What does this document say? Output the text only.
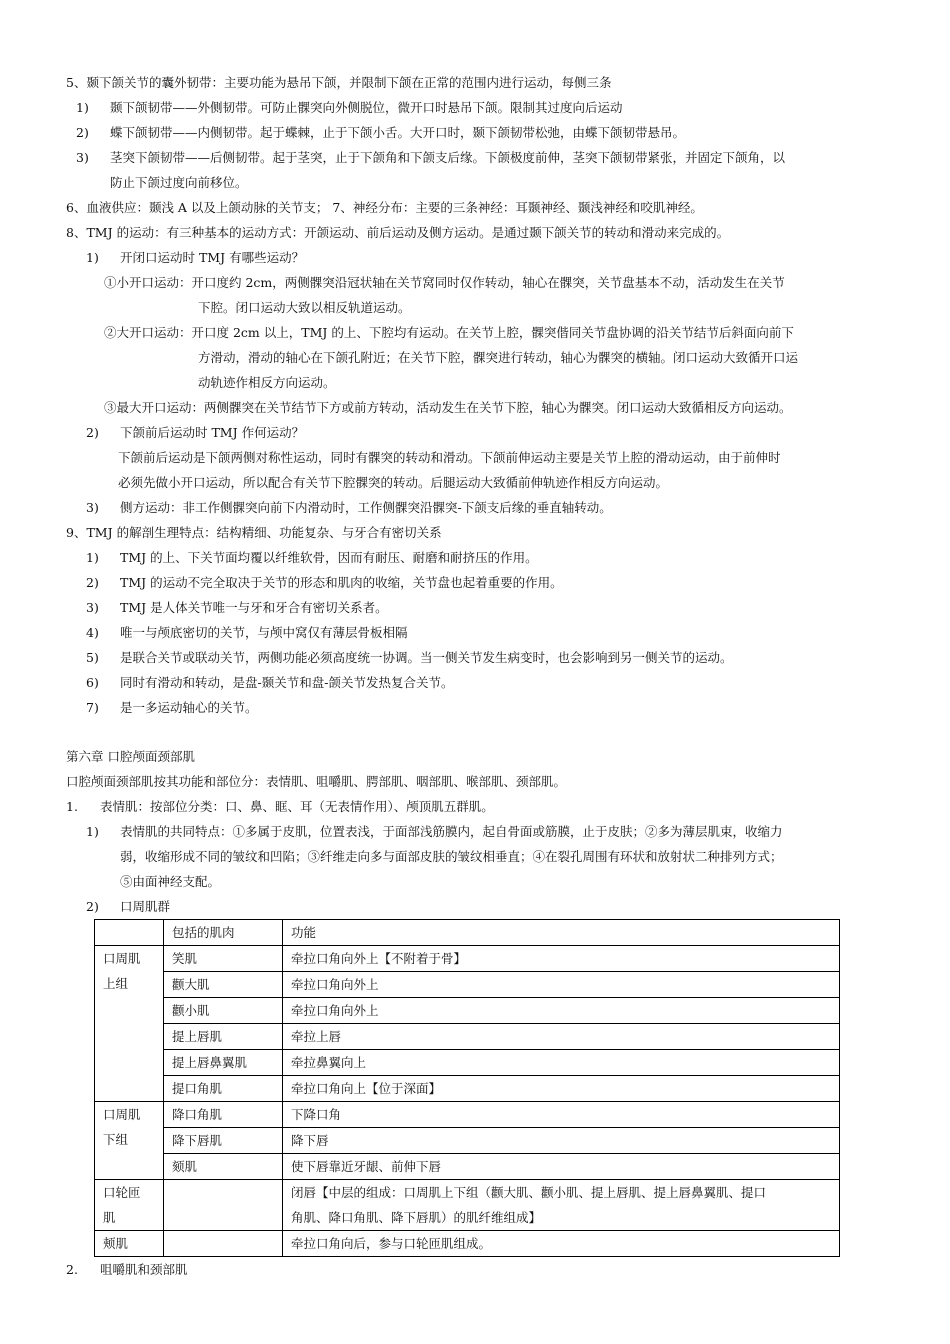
5、颞下颌关节的囊外韧带：主要功能为悬吊下颌，并限制下颌在正常的范围内进行运动，每侧三条
1) 颞下颌韧带——外侧韧带。可防止髁突向外侧脱位，微开口时悬吊下颌。限制其过度向后运动
2) 蝶下颌韧带——内侧韧带。起于蝶棘，止于下颌小舌。大开口时，颞下颌韧带松弛，由蝶下颌韧带悬吊。
3) 茎突下颌韧带——后侧韧带。起于茎突，止于下颌角和下颌支后缘。下颌极度前伸，茎突下颌韧带紧张，并固定下颌角，以
防止下颌过度向前移位。
6、血液供应：颞浅 A 以及上颌动脉的关节支； 7、神经分布：主要的三条神经：耳颞神经、颞浅神经和咬肌神经。
8、TMJ 的运动：有三种基本的运动方式：开颌运动、前后运动及侧方运动。是通过颞下颌关节的转动和滑动来完成的。
1) 开闭口运动时 TMJ 有哪些运动？
①小开口运动：开口度约 2cm，两侧髁突沿冠状轴在关节窝同时仅作转动，轴心在髁突，关节盘基本不动，活动发生在关节
下腔。闭口运动大致以相反轨道运动。
②大开口运动：开口度 2cm 以上，TMJ 的上、下腔均有运动。在关节上腔，髁突偕同关节盘协调的沿关节结节后斜面向前下
方滑动，滑动的轴心在下颌孔附近；在关节下腔，髁突进行转动，轴心为髁突的横轴。闭口运动大致循开口运
动轨迹作相反方向运动。
③最大开口运动：两侧髁突在关节结节下方或前方转动，活动发生在关节下腔，轴心为髁突。闭口运动大致循相反方向运动。
2) 下颌前后运动时 TMJ 作何运动？
下颌前后运动是下颌两侧对称性运动，同时有髁突的转动和滑动。下颌前伸运动主要是关节上腔的滑动运动，由于前伸时
必须先做小开口运动，所以配合有关节下腔髁突的转动。后腿运动大致循前伸轨迹作相反方向运动。
3) 侧方运动：非工作侧髁突向前下内滑动时，工作侧髁突沿髁突-下颌支后缘的垂直轴转动。
9、TMJ 的解剖生理特点：结构精细、功能复杂、与牙合有密切关系
1) TMJ 的上、下关节面均覆以纤维软骨，因而有耐压、耐磨和耐挤压的作用。
2) TMJ 的运动不完全取决于关节的形态和肌肉的收缩，关节盘也起着重要的作用。
3) TMJ 是人体关节唯一与牙和牙合有密切关系者。
4) 唯一与颅底密切的关节，与颅中窝仅有薄层骨板相隔
5) 是联合关节或联动关节，两侧功能必须高度统一协调。当一侧关节发生病变时，也会影响到另一侧关节的运动。
6) 同时有滑动和转动，是盘-颞关节和盘-颌关节发热复合关节。
7) 是一多运动轴心的关节。
第六章 口腔颅面颈部肌
口腔颅面颈部肌按其功能和部位分：表情肌、咀嚼肌、腭部肌、咽部肌、喉部肌、颈部肌。
1. 表情肌：按部位分类：口、鼻、眶、耳（无表情作用）、颅顶肌五群肌。
1) 表情肌的共同特点：①多属于皮肌，位置表浅，于面部浅筋膜内，起自骨面或筋膜，止于皮肤；②多为薄层肌束，收缩力
弱，收缩形成不同的皱纹和凹陷；③纤维走向多与面部皮肤的皱纹相垂直；④在裂孔周围有环状和放射状二种排列方式；
⑤由面神经支配。
2) 口周肌群
	包括的肌肉	功能
口周肌
上组	笑肌	牵拉口角向外上【不附着于骨】
	颧大肌	牵拉口角向外上
	颧小肌	牵拉口角向外上
	提上唇肌	牵拉上唇
	提上唇鼻翼肌	牵拉鼻翼向上
	提口角肌	牵拉口角向上【位于深面】
口周肌
下组	降口角肌	下降口角
	降下唇肌	降下唇
	颏肌	使下唇靠近牙龈、前伸下唇
口轮匝
肌		闭唇【中层的组成：口周肌上下组（颧大肌、颧小肌、提上唇肌、提上唇鼻翼肌、提口
角肌、降口角肌、降下唇肌）的肌纤维组成】
颊肌		牵拉口角向后，参与口轮匝肌组成。
2. 咀嚼肌和颈部肌
